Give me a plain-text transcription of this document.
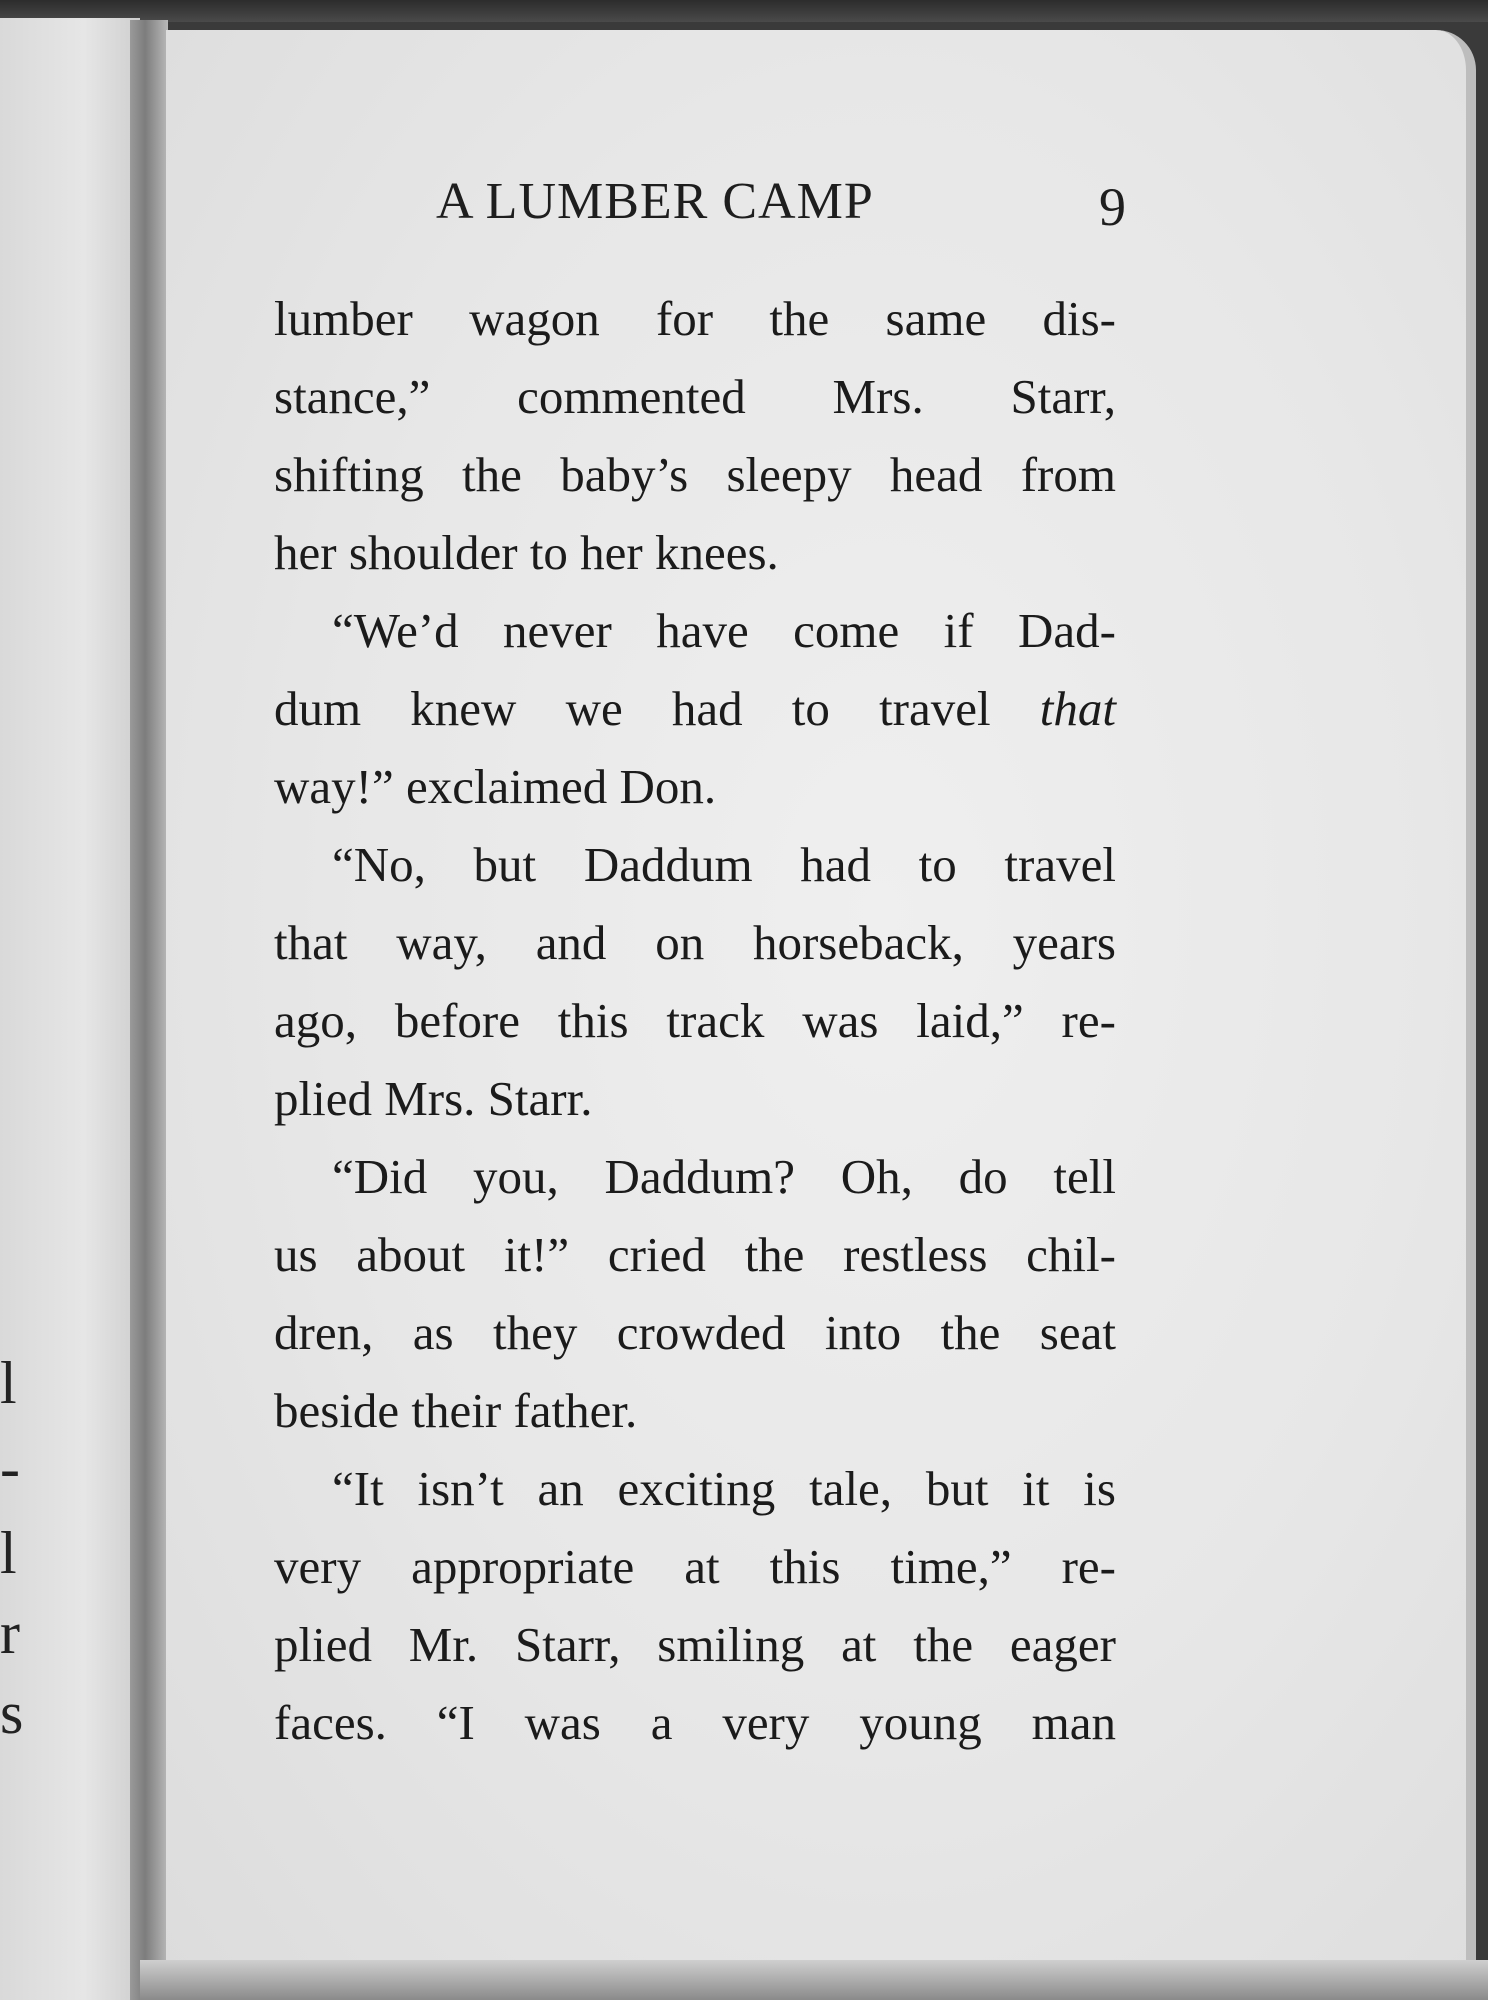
l
-
l
r
s
A LUMBER CAMP	9
lumber wagon for the same dis-
stance,” commented Mrs. Starr,
shifting the baby’s sleepy head from
her shoulder to her knees.
“We’d never have come if Dad-
dum knew we had to travel that
way!” exclaimed Don.
“No, but Daddum had to travel
that way, and on horseback, years
ago, before this track was laid,” re-
plied Mrs. Starr.
“Did you, Daddum? Oh, do tell
us about it!” cried the restless chil-
dren, as they crowded into the seat
beside their father.
“It isn’t an exciting tale, but it is
very appropriate at this time,” re-
plied Mr. Starr, smiling at the eager
faces. “I was a very young man
